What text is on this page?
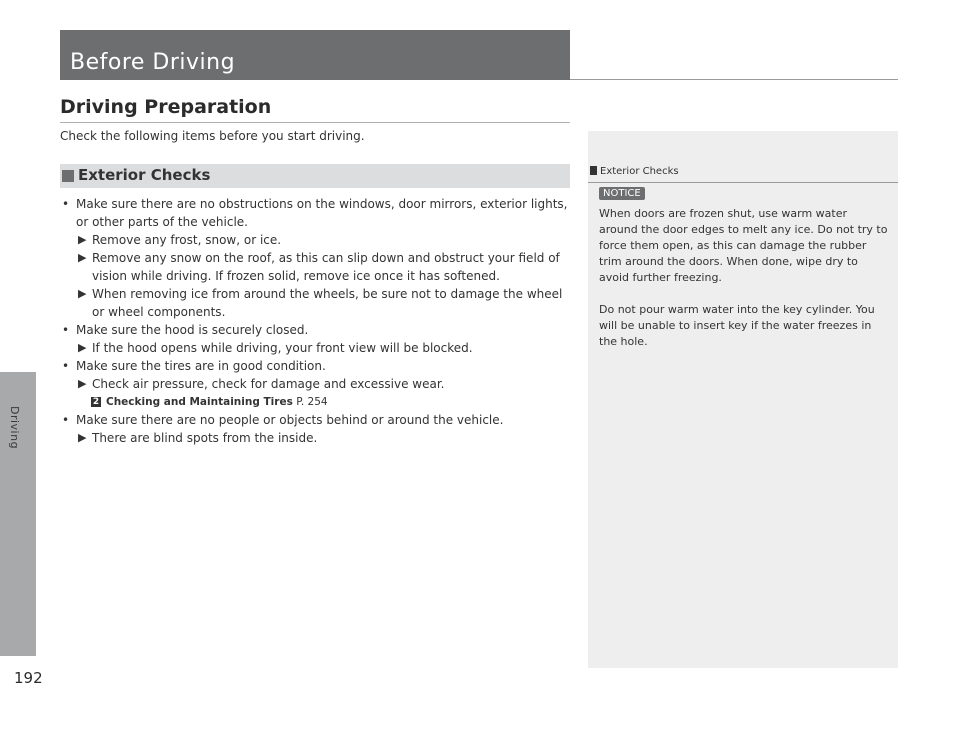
Driving
192
Before Driving
Driving Preparation
Check the following items before you start driving.
Exterior Checks

• Make sure there are no obstructions on the windows, door mirrors, exterior lights, or other parts of the vehicle.

▶ Remove any frost, snow, or ice.

▶ Remove any snow on the roof, as this can slip down and obstruct your field of vision while driving. If frozen solid, remove ice once it has softened.

▶ When removing ice from around the wheels, be sure not to damage the wheel or wheel components.

• Make sure the hood is securely closed.

▶ If the hood opens while driving, your front view will be blocked.

• Make sure the tires are in good condition.

▶ Check air pressure, check for damage and excessive wear.

2 Checking and Maintaining Tires P. 254

• Make sure there are no people or objects behind or around the vehicle.

▶ There are blind spots from the inside.

Exterior Checks
NOTICE

When doors are frozen shut, use warm water around the door edges to melt any ice. Do not try to force them open, as this can damage the rubber trim around the doors. When done, wipe dry to avoid further freezing.

Do not pour warm water into the key cylinder. You will be unable to insert key if the water freezes in the hole.
